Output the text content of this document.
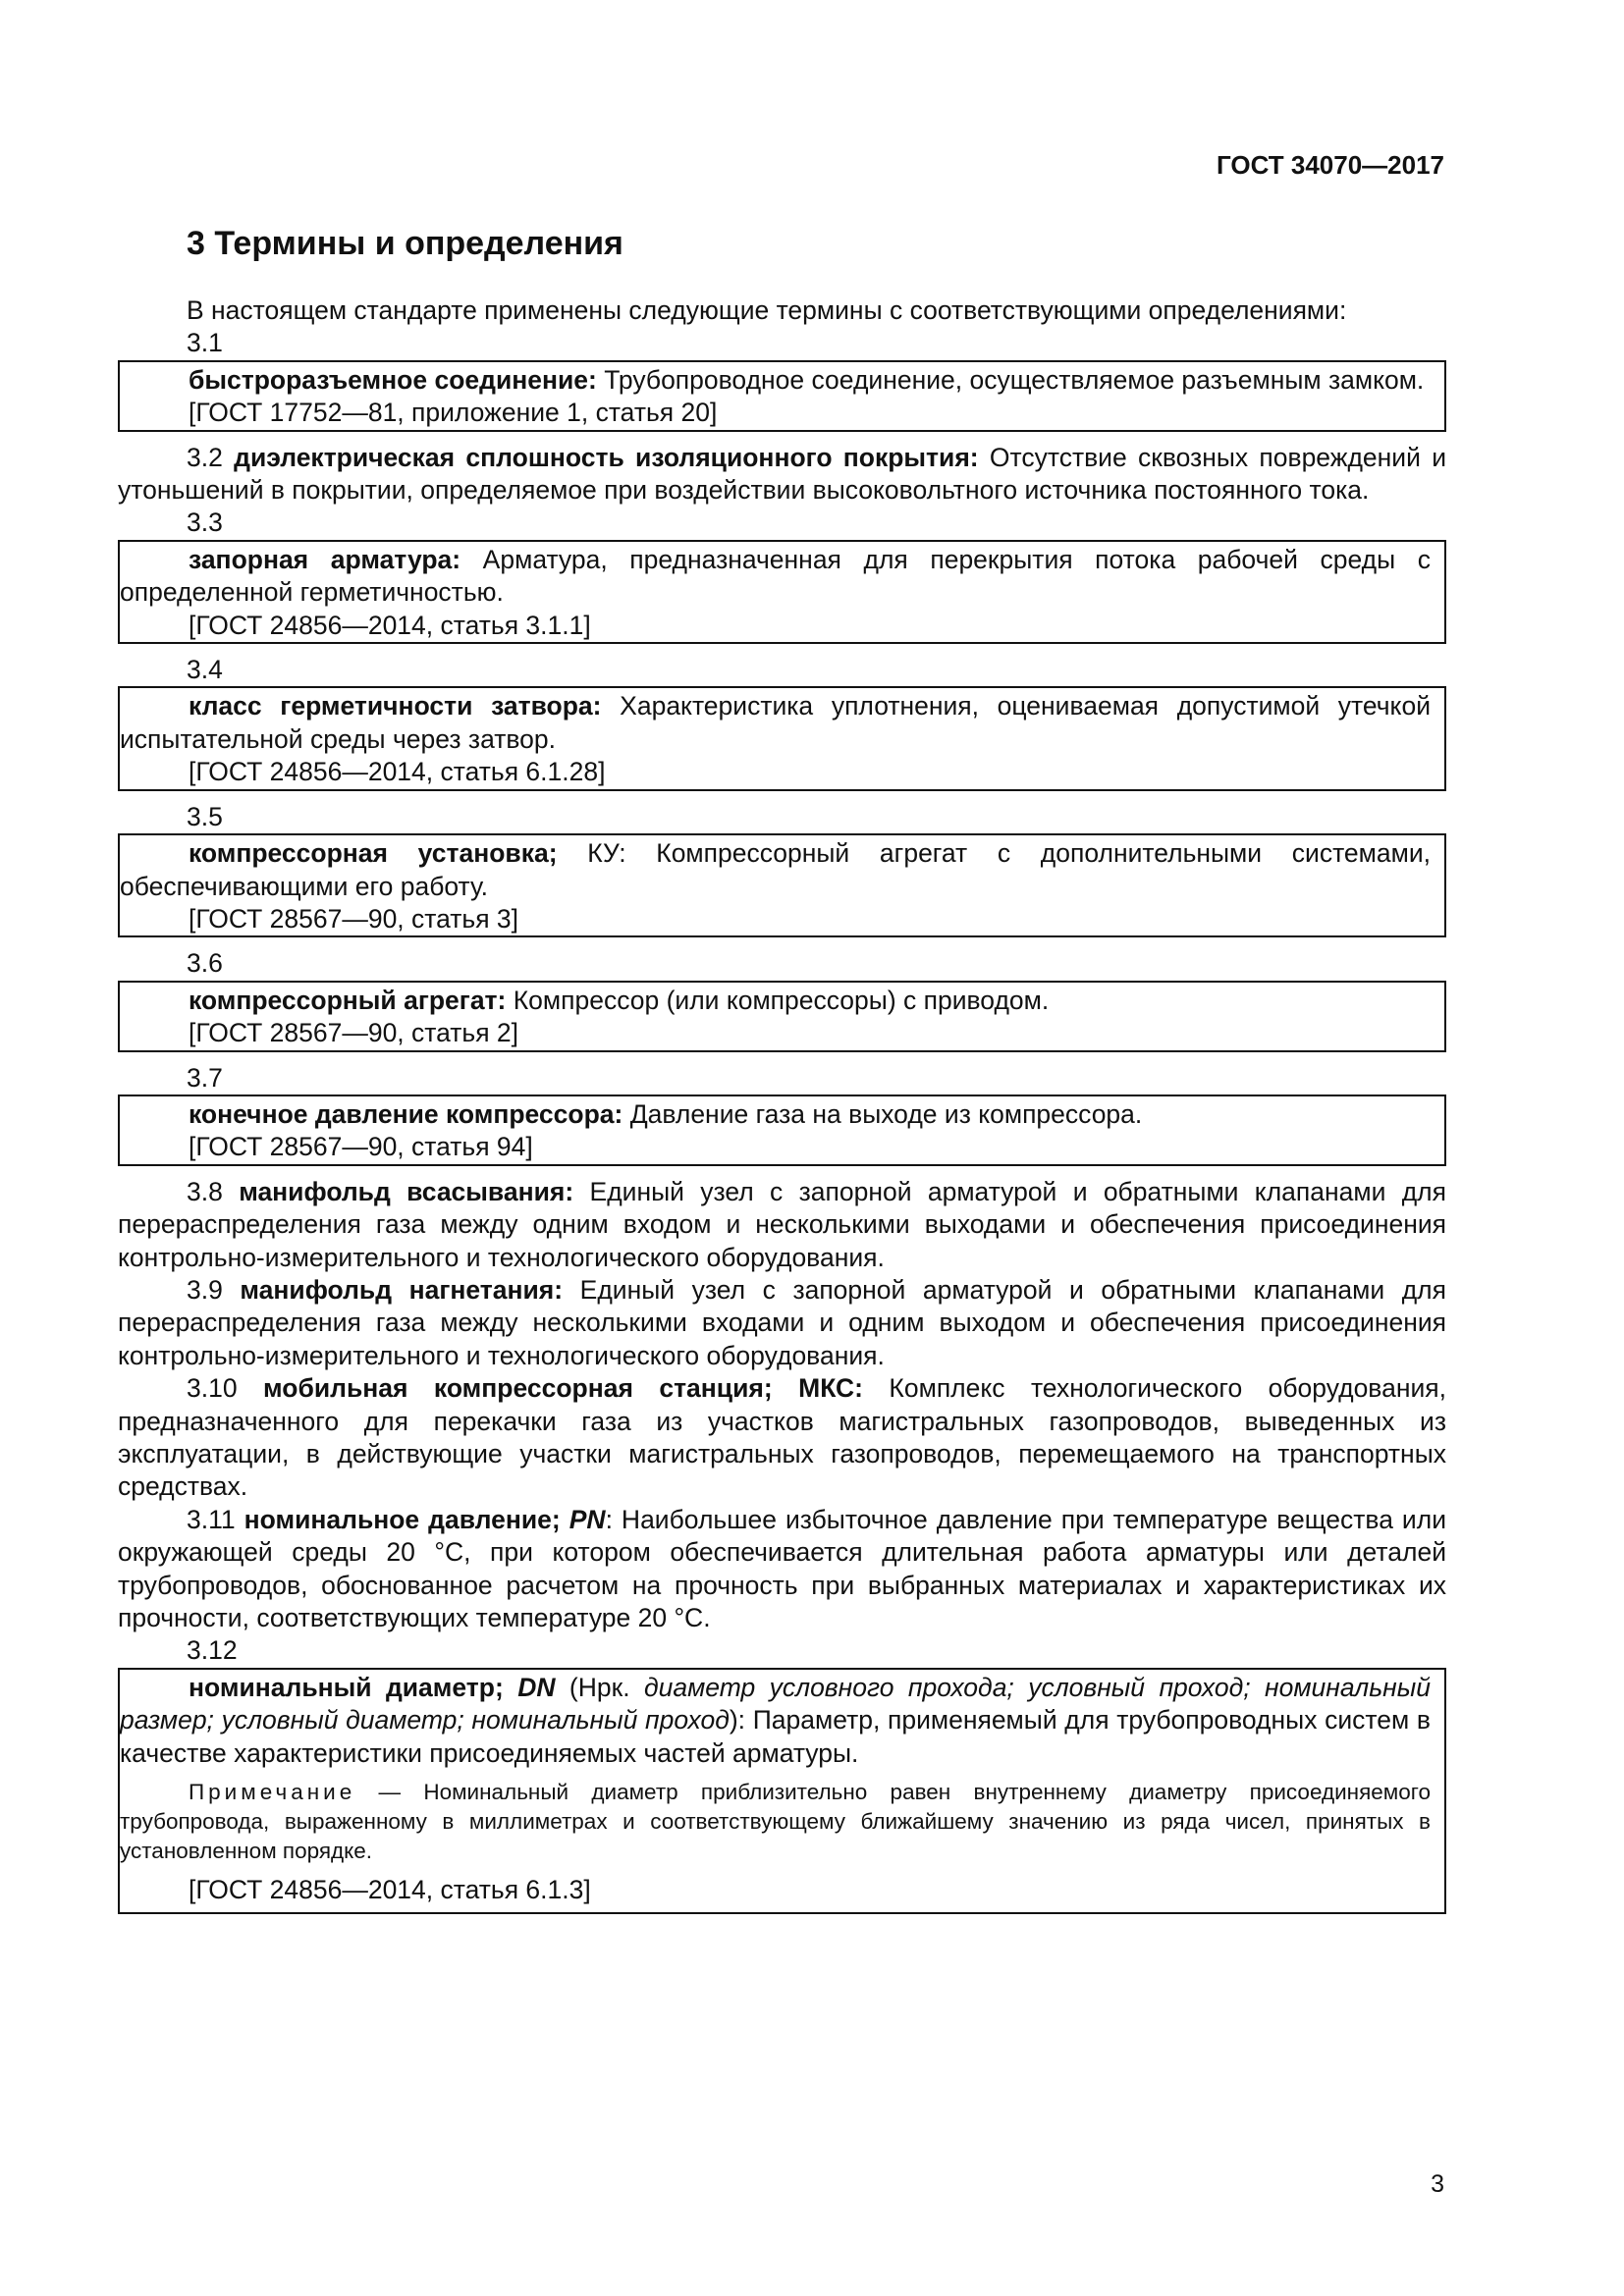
ГОСТ 34070—2017
3 Термины и определения

В настоящем стандарте применены следующие термины с соответствующими определениями:

3.1

быстроразъемное соединение: Трубопроводное соединение, осуществляемое разъемным замком.

[ГОСТ 17752—81, приложение 1, статья 20]

3.2 диэлектрическая сплошность изоляционного покрытия: Отсутствие сквозных повреждений и утоньшений в покрытии, определяемое при воздействии высоковольтного источника постоянного тока.

3.3

запорная арматура: Арматура, предназначенная для перекрытия потока рабочей среды с определенной герметичностью.

[ГОСТ 24856—2014, статья 3.1.1]

3.4

класс герметичности затвора: Характеристика уплотнения, оцениваемая допустимой утечкой испытательной среды через затвор.

[ГОСТ 24856—2014, статья 6.1.28]

3.5

компрессорная установка; КУ: Компрессорный агрегат с дополнительными системами, обеспечивающими его работу.

[ГОСТ 28567—90, статья 3]

3.6

компрессорный агрегат: Компрессор (или компрессоры) с приводом.

[ГОСТ 28567—90, статья 2]

3.7

конечное давление компрессора: Давление газа на выходе из компрессора.

[ГОСТ 28567—90, статья 94]

3.8 манифольд всасывания: Единый узел с запорной арматурой и обратными клапанами для перераспределения газа между одним входом и несколькими выходами и обеспечения присоединения контрольно-измерительного и технологического оборудования.

3.9 манифольд нагнетания: Единый узел с запорной арматурой и обратными клапанами для перераспределения газа между несколькими входами и одним выходом и обеспечения присоединения контрольно-измерительного и технологического оборудования.

3.10 мобильная компрессорная станция; МКС: Комплекс технологического оборудования, предназначенного для перекачки газа из участков магистральных газопроводов, выведенных из эксплуатации, в действующие участки магистральных газопроводов, перемещаемого на транспортных средствах.

3.11 номинальное давление; PN: Наибольшее избыточное давление при температуре вещества или окружающей среды 20 °С, при котором обеспечивается длительная работа арматуры или деталей трубопроводов, обоснованное расчетом на прочность при выбранных материалах и характеристиках их прочности, соответствующих температуре 20 °С.

3.12

номинальный диаметр; DN (Нрк. диаметр условного прохода; условный проход; номинальный размер; условный диаметр; номинальный проход): Параметр, применяемый для трубопроводных систем в качестве характеристики присоединяемых частей арматуры.

Примечание — Номинальный диаметр приблизительно равен внутреннему диаметру присоединяемого трубопровода, выраженному в миллиметрах и соответствующему ближайшему значению из ряда чисел, принятых в установленном порядке.

[ГОСТ 24856—2014, статья 6.1.3]

3
